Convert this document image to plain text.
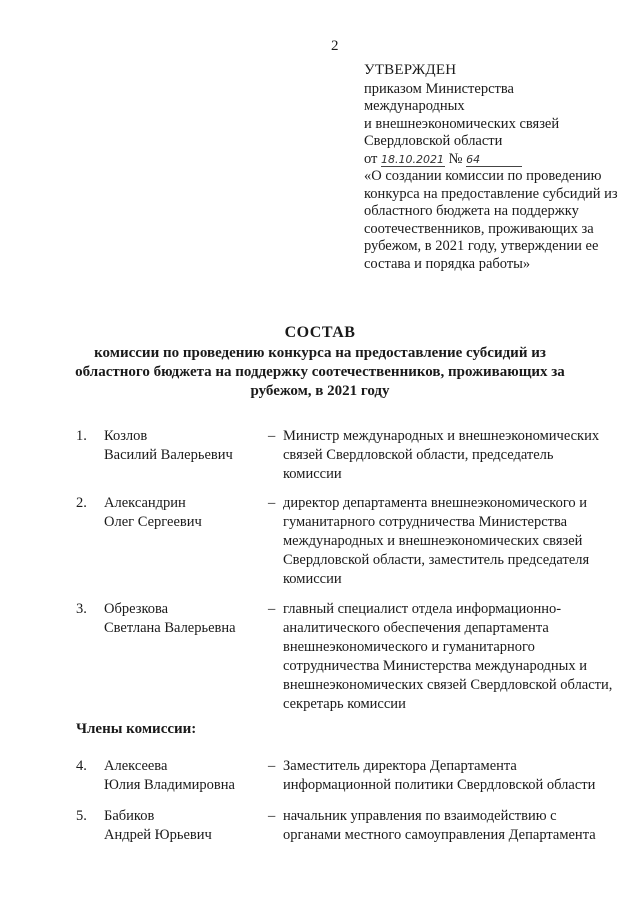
2
УТВЕРЖДЕН
приказом Министерства
международных
и внешнеэкономических связей
Свердловской области
от 18.10.2021 № 64
«О создании комиссии по проведению конкурса на предоставление субсидий из областного бюджета на поддержку соотечественников, проживающих за рубежом, в 2021 году, утверждении ее состава и порядка работы»
СОСТАВ
комиссии по проведению конкурса на предоставление субсидий из областного бюджета на поддержку соотечественников, проживающих за рубежом, в 2021 году
1. Козлов
Василий Валерьевич
– Министр международных и внешнеэкономических связей Свердловской области, председатель комиссии
2. Александрин
Олег Сергеевич
– директор департамента внешнеэкономического и гуманитарного сотрудничества Министерства международных и внешнеэкономических связей Свердловской области, заместитель председателя комиссии
3. Обрезкова
Светлана Валерьевна
– главный специалист отдела информационно-аналитического обеспечения департамента внешнеэкономического и гуманитарного сотрудничества Министерства международных и внешнеэкономических связей Свердловской области, секретарь комиссии
Члены комиссии:
4. Алексеева
Юлия Владимировна
– Заместитель директора Департамента информационной политики Свердловской области
5. Бабиков
Андрей Юрьевич
– начальник управления по взаимодействию с органами местного самоуправления Департамента
